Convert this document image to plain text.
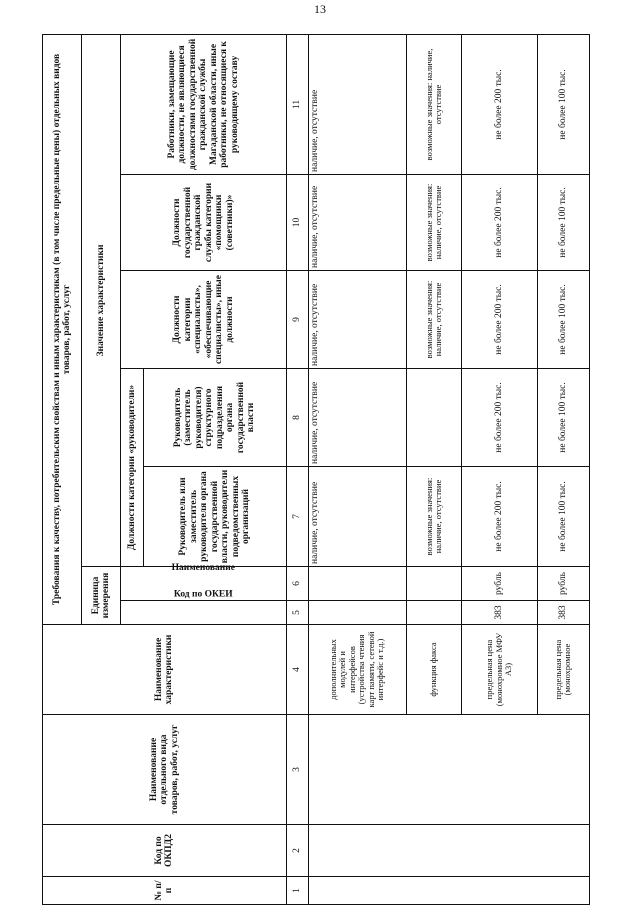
13
№ п/п	Код по ОКПД2	Наименование отдельного вида товаров, работ, услуг	Наименование характеристики	Требования к качеству, потребительским свойствам и иным характеристикам (в том числе предельные цены) отдельных видов товаров, работ, услуг						
				Единица измерения		Значение характеристики				
				Код по ОКЕИ	Наименование	Должности категории «руководители»		Должности категории «специалисты», «обеспечивающие специалисты», иные должности	Должности государственной гражданской службы категории «помощники (советники)»	Работники, замещающие должности, не являющиеся должностями государственной гражданской службы Магаданской области, иные работники, не относящиеся к руководящему составу
						Руководитель или заместитель руководителя органа государственной власти, руководители подведомственных организаций	Руководитель (заместитель руководителя) структурного подразделения органа государственной власти			

1	2	3	4	5	6	7	8	9	10	11
			дополнительных модулей и интерфейсов (устройства чтения карт памяти, сетевой интерфейс и т.д.)			наличие, отсутствие	наличие, отсутствие	наличие, отсутствие	наличие, отсутствие	наличие, отсутствие
			функция факса			возможные значения: наличие, отсутствие		возможные значения: наличие, отсутствие	возможные значения: наличие, отсутствие	возможные значения: наличие, отсутствие
			предельная цена (монохромное МФУ А3)	383	рубль	не более 200 тыс.	не более 200 тыс.	не более 200 тыс.	не более 200 тыс.	не более 200 тыс.
			предельная цена (монохромное	383	рубль	не более 100 тыс.	не более 100 тыс.	не более 100 тыс.	не более 100 тыс.	не более 100 тыс.
